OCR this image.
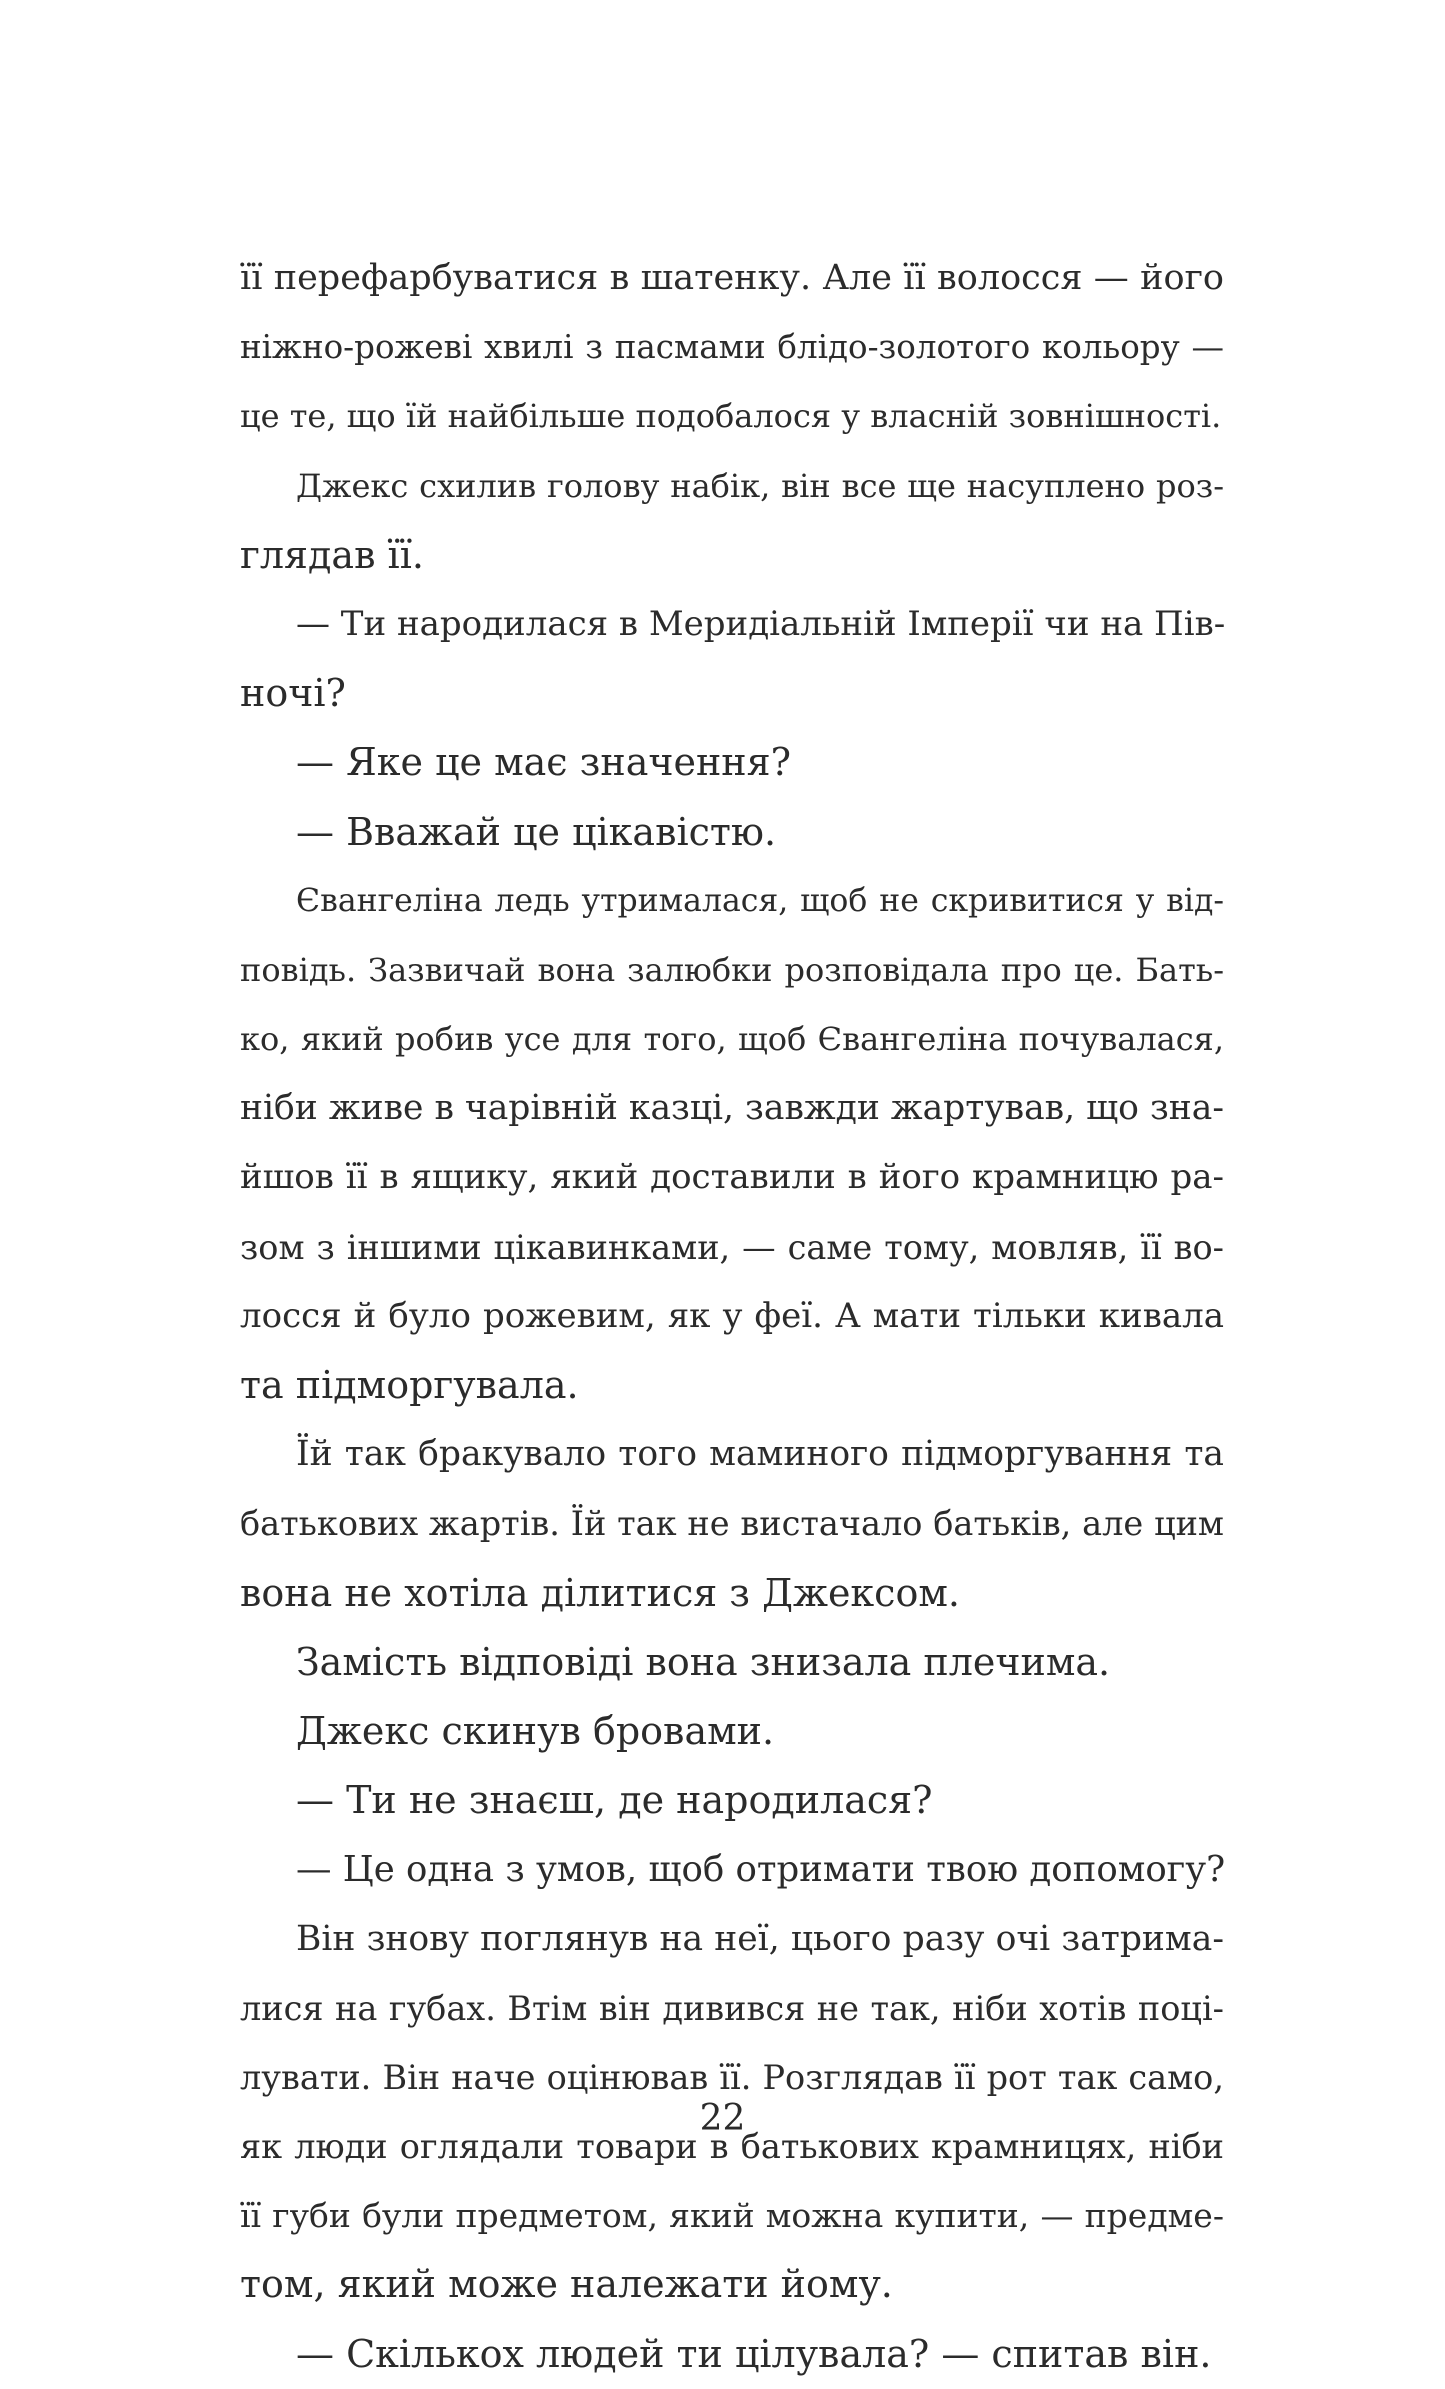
її перефарбуватися в шатенку. Але її волосся — його
ніжно-рожеві хвилі з пасмами блідо-золотого кольору —
це те, що їй найбільше подобалося у власній зовнішності.
Джекс схилив голову набік, він все ще насуплено роз-
глядав її.
— Ти народилася в Меридіальній Імперії чи на Пів-
ночі?
— Яке це має значення?
— Вважай це цікавістю.
Євангеліна ледь утрималася, щоб не скривитися у від-
повідь. Зазвичай вона залюбки розповідала про це. Бать-
ко, який робив усе для того, щоб Євангеліна почувалася,
ніби живе в чарівній казці, завжди жартував, що зна-
йшов її в ящику, який доставили в його крамницю ра-
зом з іншими цікавинками, — саме тому, мовляв, її во-
лосся й було рожевим, як у феї. А мати тільки кивала
та підморгувала.
Їй так бракувало того маминого підморгування та
батькових жартів. Їй так не вистачало батьків, але цим
вона не хотіла ділитися з Джексом.
Замість відповіді вона знизала плечима.
Джекс скинув бровами.
— Ти не знаєш, де народилася?
— Це одна з умов, щоб отримати твою допомогу?
Він знову поглянув на неї, цього разу очі затрима-
лися на губах. Втім він дивився не так, ніби хотів поці-
лувати. Він наче оцінював її. Розглядав її рот так само,
як люди оглядали товари в батькових крамницях, ніби
її губи були предметом, який можна купити, — предме-
том, який може належати йому.
— Скількох людей ти цілувала? — спитав він.
22
